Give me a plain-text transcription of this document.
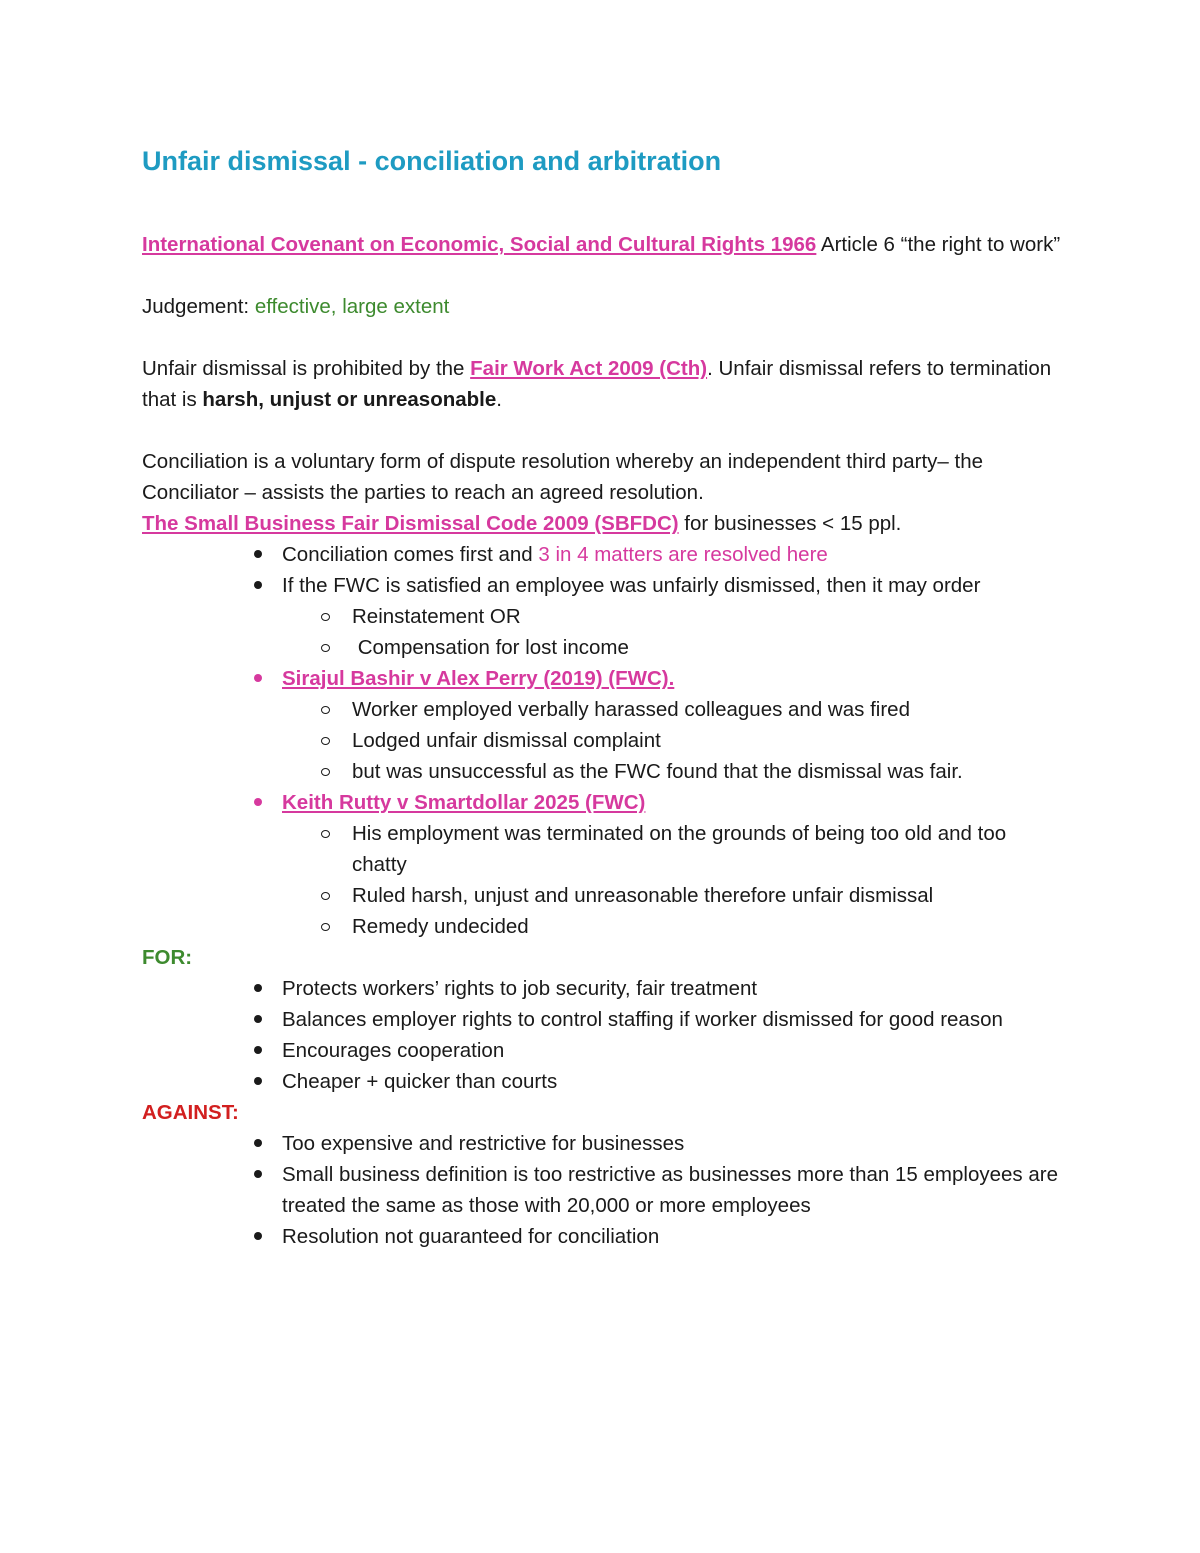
Unfair dismissal - conciliation and arbitration

International Covenant on Economic, Social and Cultural Rights 1966 Article 6 “the right to work”

Judgement: effective, large extent

Unfair dismissal is prohibited by the Fair Work Act 2009 (Cth). Unfair dismissal refers to termination that is harsh, unjust or unreasonable.

Conciliation is a voluntary form of dispute resolution whereby an independent third party– the Conciliator – assists the parties to reach an agreed resolution.

The Small Business Fair Dismissal Code 2009 (SBFDC) for businesses < 15 ppl.

Conciliation comes first and 3 in 4 matters are resolved here
If the FWC is satisfied an employee was unfairly dismissed, then it may order
Reinstatement OR
Compensation for lost income
Sirajul Bashir v Alex Perry (2019) (FWC).
Worker employed verbally harassed colleagues and was fired
Lodged unfair dismissal complaint
but was unsuccessful as the FWC found that the dismissal was fair.
Keith Rutty v Smartdollar 2025 (FWC)
His employment was terminated on the grounds of being too old and too chatty
Ruled harsh, unjust and unreasonable therefore unfair dismissal
Remedy undecided

FOR:

Protects workers’ rights to job security, fair treatment
Balances employer rights to control staffing if worker dismissed for good reason
Encourages cooperation
Cheaper + quicker than courts

AGAINST:

Too expensive and restrictive for businesses
Small business definition is too restrictive as businesses more than 15 employees are treated the same as those with 20,000 or more employees
Resolution not guaranteed for conciliation
